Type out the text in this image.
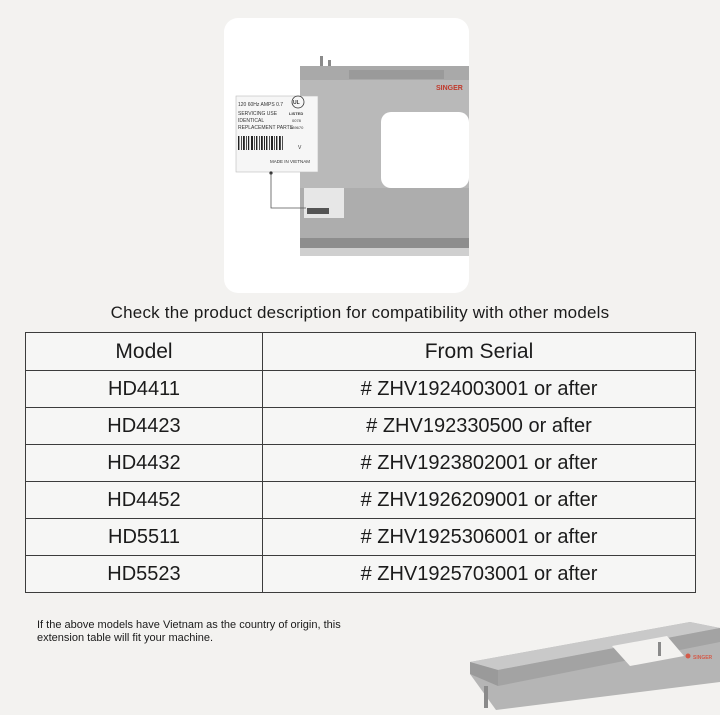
SINGER
120 60Hz AMPS 0.7
SERVICING USE
IDENTICAL
REPLACEMENT PARTS
UL
LISTED
0078
639670
V
MADE IN VIETNAM
Check the product description for compatibility with other models
Model	From Serial
HD4411	# ZHV1924003001 or after
HD4423	# ZHV192330500 or after
HD4432	# ZHV1923802001 or after
HD4452	# ZHV1926209001 or after
HD5511	# ZHV1925306001 or after
HD5523	# ZHV1925703001 or after
If the above models have Vietnam as the country of origin, this
extension table will fit your machine.
SINGER
